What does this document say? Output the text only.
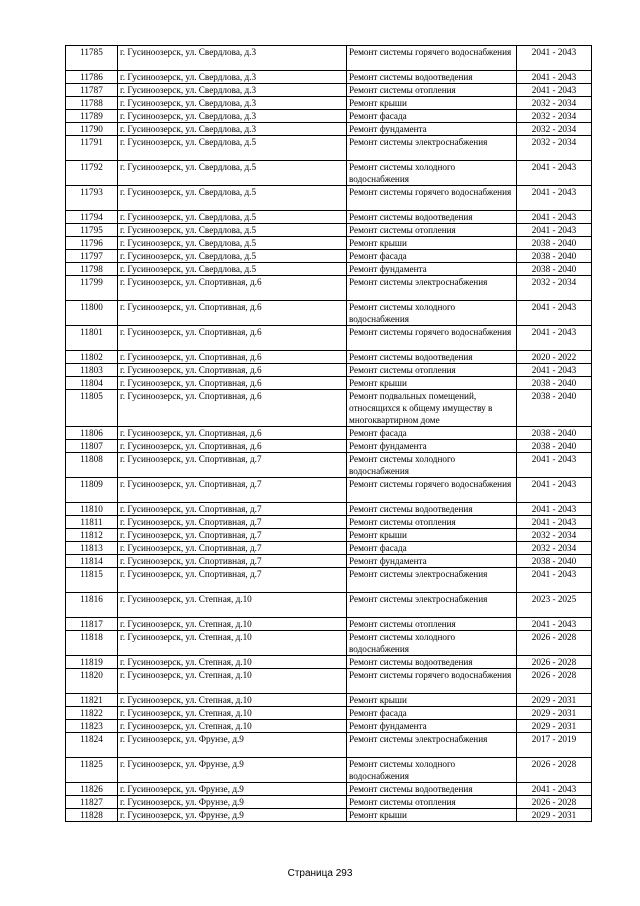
11785	г. Гусиноозерск, ул. Свердлова, д.3	Ремонт системы горячего водоснабжения	2041 - 2043
11786	г. Гусиноозерск, ул. Свердлова, д.3	Ремонт системы водоотведения	2041 - 2043
11787	г. Гусиноозерск, ул. Свердлова, д.3	Ремонт системы отопления	2041 - 2043
11788	г. Гусиноозерск, ул. Свердлова, д.3	Ремонт крыши	2032 - 2034
11789	г. Гусиноозерск, ул. Свердлова, д.3	Ремонт фасада	2032 - 2034
11790	г. Гусиноозерск, ул. Свердлова, д.3	Ремонт фундамента	2032 - 2034
11791	г. Гусиноозерск, ул. Свердлова, д.5	Ремонт системы электроснабжения	2032 - 2034
11792	г. Гусиноозерск, ул. Свердлова, д.5	Ремонт системы холодного водоснабжения	2041 - 2043
11793	г. Гусиноозерск, ул. Свердлова, д.5	Ремонт системы горячего водоснабжения	2041 - 2043
11794	г. Гусиноозерск, ул. Свердлова, д.5	Ремонт системы водоотведения	2041 - 2043
11795	г. Гусиноозерск, ул. Свердлова, д.5	Ремонт системы отопления	2041 - 2043
11796	г. Гусиноозерск, ул. Свердлова, д.5	Ремонт крыши	2038 - 2040
11797	г. Гусиноозерск, ул. Свердлова, д.5	Ремонт фасада	2038 - 2040
11798	г. Гусиноозерск, ул. Свердлова, д.5	Ремонт фундамента	2038 - 2040
11799	г. Гусиноозерск, ул. Спортивная, д.6	Ремонт системы электроснабжения	2032 - 2034
11800	г. Гусиноозерск, ул. Спортивная, д.6	Ремонт системы холодного водоснабжения	2041 - 2043
11801	г. Гусиноозерск, ул. Спортивная, д.6	Ремонт системы горячего водоснабжения	2041 - 2043
11802	г. Гусиноозерск, ул. Спортивная, д.6	Ремонт системы водоотведения	2020 - 2022
11803	г. Гусиноозерск, ул. Спортивная, д.6	Ремонт системы отопления	2041 - 2043
11804	г. Гусиноозерск, ул. Спортивная, д.6	Ремонт крыши	2038 - 2040
11805	г. Гусиноозерск, ул. Спортивная, д.6	Ремонт подвальных помещений, относящихся к общему имуществу в многоквартирном доме	2038 - 2040
11806	г. Гусиноозерск, ул. Спортивная, д.6	Ремонт фасада	2038 - 2040
11807	г. Гусиноозерск, ул. Спортивная, д.6	Ремонт фундамента	2038 - 2040
11808	г. Гусиноозерск, ул. Спортивная, д.7	Ремонт системы холодного водоснабжения	2041 - 2043
11809	г. Гусиноозерск, ул. Спортивная, д.7	Ремонт системы горячего водоснабжения	2041 - 2043
11810	г. Гусиноозерск, ул. Спортивная, д.7	Ремонт системы водоотведения	2041 - 2043
11811	г. Гусиноозерск, ул. Спортивная, д.7	Ремонт системы отопления	2041 - 2043
11812	г. Гусиноозерск, ул. Спортивная, д.7	Ремонт крыши	2032 - 2034
11813	г. Гусиноозерск, ул. Спортивная, д.7	Ремонт фасада	2032 - 2034
11814	г. Гусиноозерск, ул. Спортивная, д.7	Ремонт фундамента	2038 - 2040
11815	г. Гусиноозерск, ул. Спортивная, д.7	Ремонт системы электроснабжения	2041 - 2043
11816	г. Гусиноозерск, ул. Степная, д.10	Ремонт системы электроснабжения	2023 - 2025
11817	г. Гусиноозерск, ул. Степная, д.10	Ремонт системы отопления	2041 - 2043
11818	г. Гусиноозерск, ул. Степная, д.10	Ремонт системы холодного водоснабжения	2026 - 2028
11819	г. Гусиноозерск, ул. Степная, д.10	Ремонт системы водоотведения	2026 - 2028
11820	г. Гусиноозерск, ул. Степная, д.10	Ремонт системы горячего водоснабжения	2026 - 2028
11821	г. Гусиноозерск, ул. Степная, д.10	Ремонт крыши	2029 - 2031
11822	г. Гусиноозерск, ул. Степная, д.10	Ремонт фасада	2029 - 2031
11823	г. Гусиноозерск, ул. Степная, д.10	Ремонт фундамента	2029 - 2031
11824	г. Гусиноозерск, ул. Фрунзе, д.9	Ремонт системы электроснабжения	2017 - 2019
11825	г. Гусиноозерск, ул. Фрунзе, д.9	Ремонт системы холодного водоснабжения	2026 - 2028
11826	г. Гусиноозерск, ул. Фрунзе, д.9	Ремонт системы водоотведения	2041 - 2043
11827	г. Гусиноозерск, ул. Фрунзе, д.9	Ремонт системы отопления	2026 - 2028
11828	г. Гусиноозерск, ул. Фрунзе, д.9	Ремонт крыши	2029 - 2031
Страница 293
